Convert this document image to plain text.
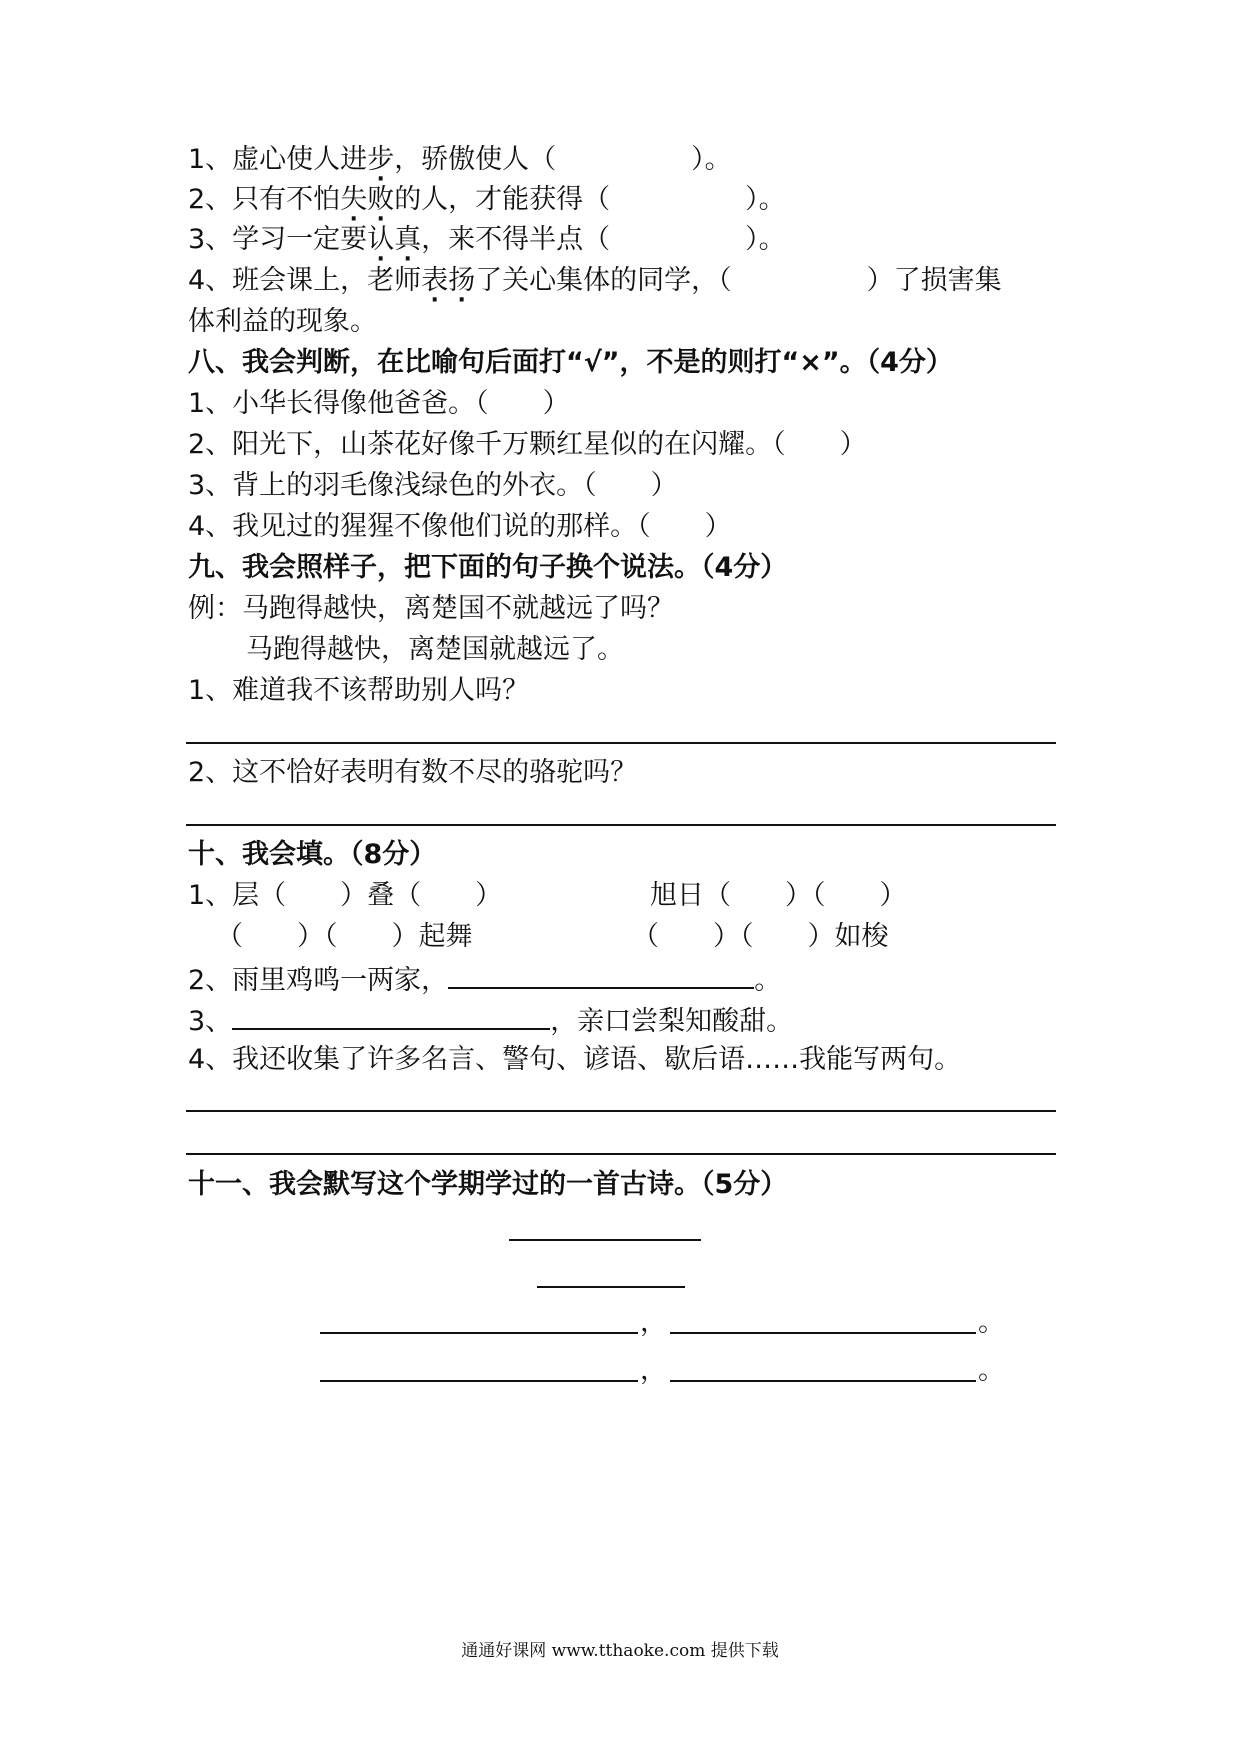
1、虚心使人进步，骄傲使人（　　　　　）。
2、只有不怕失败的人，才能获得（　　　　　）。
3、学习一定要认真，来不得半点（　　　　　）。
4、班会课上，老师表扬了关心集体的同学，（　　　　　）了损害集
体利益的现象。
八、我会判断，在比喻句后面打“√”，不是的则打“×”。（4分）
1、小华长得像他爸爸。（　　）
2、阳光下，山茶花好像千万颗红星似的在闪耀。（　　）
3、背上的羽毛像浅绿色的外衣。（　　）
4、我见过的猩猩不像他们说的那样。（　　）
九、我会照样子，把下面的句子换个说法。（4分）
例：马跑得越快，离楚国不就越远了吗？
马跑得越快，离楚国就越远了。
1、难道我不该帮助别人吗？
2、这不恰好表明有数不尽的骆驼吗？
十、我会填。（8分）
1、层（　　）叠（　　）	旭日（　　）（　　）
（　　）（　　）起舞	（　　）（　　）如梭
2、雨里鸡鸣一两家，	。
3、	，亲口尝梨知酸甜。
4、我还收集了许多名言、警句、谚语、歇后语……我能写两句。
十一、我会默写这个学期学过的一首古诗。（5分）
，	。
，	。
通通好课网 www.tthaoke.com 提供下载
